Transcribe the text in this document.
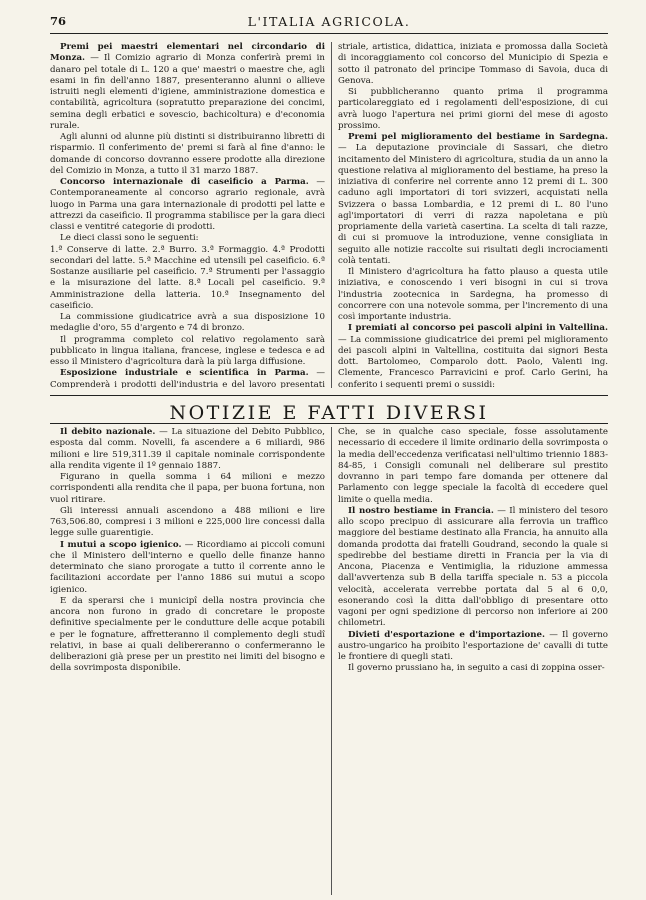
76	L'ITALIA AGRICOLA.

Premi pei maestri elementari nel circondario di Monza. — Il Comizio agrario di Monza conferirà premi in danaro pel totale di L. 120 a que' maestri o maestre che, agli esami in fin dell'anno 1887, presenteranno alunni o allieve istruiti negli elementi d'igiene, amministrazione domestica e contabilità, agricoltura (sopratutto preparazione dei concimi, semina degli erbatici e sovescio, bachicoltura) e d'economia rurale.

Agli alunni od alunne più distinti si distribuiranno libretti di risparmio. Il conferimento de' premi si farà al fine d'anno: le domande di concorso dovranno essere prodotte alla direzione del Comizio in Monza, a tutto il 31 marzo 1887.

Concorso internazionale di caseificio a Parma. — Contemporaneamente al concorso agrario regionale, avrà luogo in Parma una gara internazionale di prodotti pel latte e attrezzi da caseificio. Il programma stabilisce per la gara dieci classi e ventitré categorie di prodotti.

Le dieci classi sono le seguenti:

1.ª Conserve di latte. 2.ª Burro. 3.ª Formaggio. 4.ª Prodotti secondari del latte. 5.ª Macchine ed utensili pel caseificio. 6.ª Sostanze ausiliarie pel caseificio. 7.ª Strumenti per l'assaggio e la misurazione del latte. 8.ª Locali pel caseificio. 9.ª Amministrazione della latteria. 10.ª Insegnamento del caseificio.

La commissione giudicatrice avrà a sua disposizione 10 medaglie d'oro, 55 d'argento e 74 di bronzo.

Il programma completo col relativo regolamento sarà pubblicato in lingua italiana, francese, inglese e tedesca e ad esso il Ministero d'agricoltura darà la più larga diffusione.

Esposizione industriale e scientifica in Parma. — Comprenderà i prodotti dell'industria e del lavoro presentati

striale, artistica, didattica, iniziata e promossa dalla Società di incoraggiamento col concorso del Municipio di Spezia e sotto il patronato del principe Tommaso di Savoia, duca di Genova.

Si pubblicheranno quanto prima il programma particolareggiato ed i regolamenti dell'esposizione, di cui avrà luogo l'apertura nei primi giorni del mese di agosto prossimo.

Premi pel miglioramento del bestiame in Sardegna. — La deputazione provinciale di Sassari, che dietro incitamento del Ministero di agricoltura, studia da un anno la questione relativa al miglioramento del bestiame, ha preso la iniziativa di conferire nel corrente anno 12 premi di L. 300 caduno agli importatori di tori svizzeri, acquistati nella Svizzera o bassa Lombardia, e 12 premi di L. 80 l'uno agl'importatori di verri di razza napoletana e più propriamente della varietà casertina. La scelta di tali razze, di cui si promuove la introduzione, venne consigliata in seguito alle notizie raccolte sui risultati degli incrociamenti colà tentati.

Il Ministero d'agricoltura ha fatto plauso a questa utile iniziativa, e conoscendo i veri bisogni in cui si trova l'industria zootecnica in Sardegna, ha promesso di concorrere con una notevole somma, per l'incremento di una così importante industria.

I premiati al concorso pei pascoli alpini in Valtellina. — La commissione giudicatrice dei premi pel miglioramento dei pascoli alpini in Valtellina, costituita dai signori Besta dott. Bartolomeo, Comparolo dott. Paolo, Valenti ing. Clemente, Francesco Parravicini e prof. Carlo Gerini, ha conferito i seguenti premi o sussidi:

NOTIZIE E FATTI DIVERSI

Il debito nazionale. — La situazione del Debito Pubblico, esposta dal comm. Novelli, fa ascendere a 6 miliardi, 986 milioni e lire 519,311.39 il capitale nominale corrispondente alla rendita vigente il 1º gennaio 1887.

Figurano in quella somma i 64 milioni e mezzo corrispondenti alla rendita che il papa, per buona fortuna, non vuol ritirare.

Gli interessi annuali ascendono a 488 milioni e lire 763,506.80, compresi i 3 milioni e 225,000 lire concessi dalla legge sulle guarentigie.

I mutui a scopo igienico. — Ricordiamo ai piccoli comuni che il Ministero dell'interno e quello delle finanze hanno determinato che siano prorogate a tutto il corrente anno le facilitazioni accordate per l'anno 1886 sui mutui a scopo igienico.

E da sperarsi che i municipî della nostra provincia che ancora non furono in grado di concretare le proposte definitive specialmente per le condutture delle acque potabili e per le fognature, affretteranno il complemento degli studî relativi, in base ai quali delibereranno o confermeranno le deliberazioni già prese per un prestito nei limiti del bisogno e della sovrimposta disponibile.

Che, se in qualche caso speciale, fosse assolutamente necessario di eccedere il limite ordinario della sovrimposta o la media dell'eccedenza verificatasi nell'ultimo triennio 1883-84-85, i Consigli comunali nel deliberare sul prestito dovranno in pari tempo fare domanda per ottenere dal Parlamento con legge speciale la facoltà di eccedere quel limite o quella media.

Il nostro bestiame in Francia. — Il ministero del tesoro allo scopo precipuo di assicurare alla ferrovia un traffico maggiore del bestiame destinato alla Francia, ha annuito alla domanda prodotta dai fratelli Goudrand, secondo la quale si spedirebbe del bestiame diretti in Francia per la via di Ancona, Piacenza e Ventimiglia, la riduzione ammessa dall'avvertenza sub B della tariffa speciale n. 53 a piccola velocità, accelerata verrebbe portata dal 5 al 6 0,0, esonerando così la ditta dall'obbligo di presentare otto vagoni per ogni spedizione di percorso non inferiore ai 200 chilometri.

Divieti d'esportazione e d'importazione. — Il governo austro-ungarico ha proibito l'esportazione de' cavalli di tutte le frontiere di quegli stati.

Il governo prussiano ha, in seguito a casi di zoppina osser-
